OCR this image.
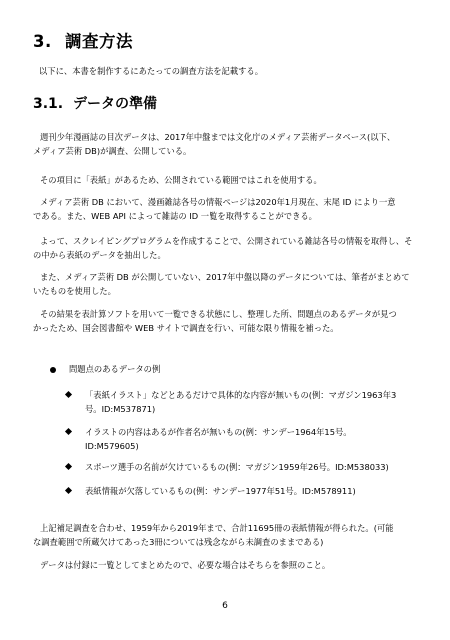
3. 調査方法
以下に、本書を制作するにあたっての調査方法を記載する。
3.1. データの準備
週刊少年漫画誌の目次データは、2017年中盤までは文化庁のメディア芸術データベース(以下、
メディア芸術 DB)が調査、公開している。
その項目に「表紙」があるため、公開されている範囲ではこれを使用する。
メディア芸術 DB において、漫画雑誌各号の情報ページは2020年1月現在、末尾 ID により一意
である。また、WEB API によって雑誌の ID 一覧を取得することができる。
よって、スクレイピングプログラムを作成することで、公開されている雑誌各号の情報を取得し、そ
の中から表紙のデータを抽出した。
また、メディア芸術 DB が公開していない、2017年中盤以降のデータについては、筆者がまとめて
いたものを使用した。
その結果を表計算ソフトを用いて一覧できる状態にし、整理した所、問題点のあるデータが見つ
かったため、国会図書館や WEB サイトで調査を行い、可能な限り情報を補った。
問題点のあるデータの例
「表紙イラスト」などとあるだけで具体的な内容が無いもの(例：マガジン1963年3
号。ID:M537871)
イラストの内容はあるが作者名が無いもの(例：サンデー1964年15号。
ID:M579605)
スポーツ選手の名前が欠けているもの(例：マガジン1959年26号。ID:M538033)
表紙情報が欠落しているもの(例：サンデー1977年51号。ID:M578911)
上記補足調査を合わせ、1959年から2019年まで、合計11695冊の表紙情報が得られた。(可能
な調査範囲で所蔵欠けてあった3冊については残念ながら未調査のままである)
データは付録に一覧としてまとめたので、必要な場合はそちらを参照のこと。
6
